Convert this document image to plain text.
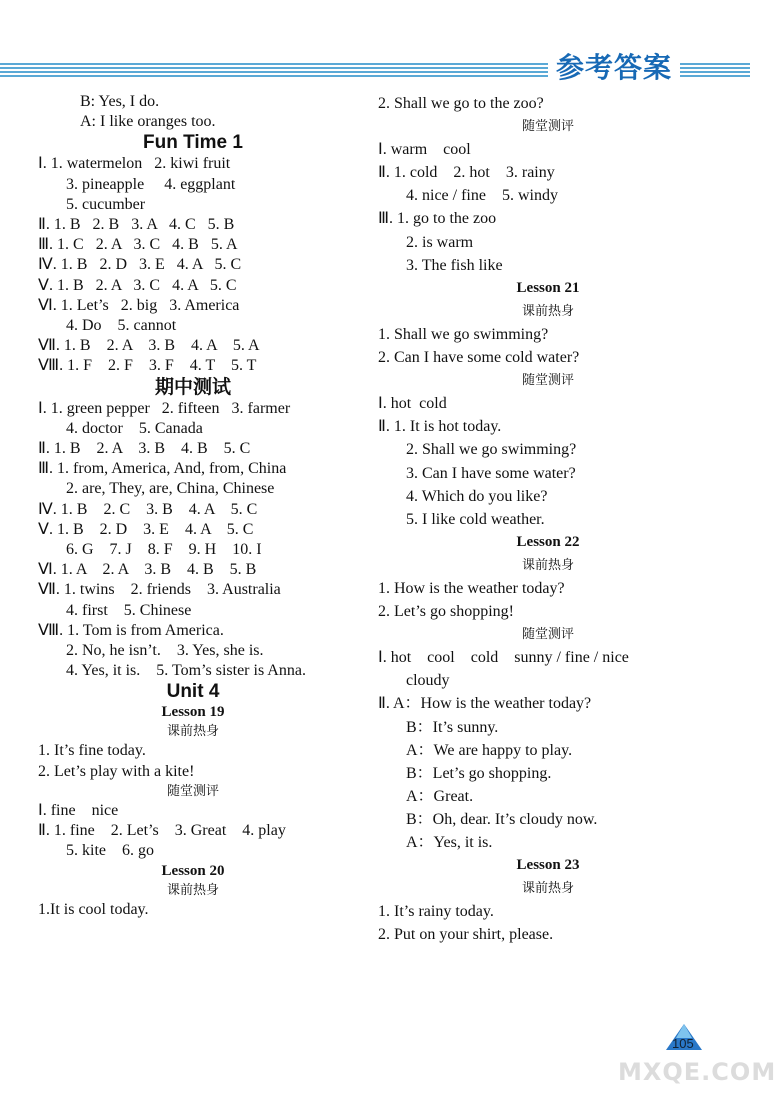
参考答案
B: Yes, I do.
A: I like oranges too.
Fun Time 1
Ⅰ. 1. watermelon   2. kiwi fruit
3. pineapple     4. eggplant
5. cucumber
Ⅱ. 1. B   2. B   3. A   4. C   5. B
Ⅲ. 1. C   2. A   3. C   4. B   5. A
Ⅳ. 1. B   2. D   3. E   4. A   5. C
Ⅴ. 1. B   2. A   3. C   4. A   5. C
Ⅵ. 1. Let’s   2. big   3. America
4. Do    5. cannot
Ⅶ. 1. B    2. A    3. B    4. A    5. A
Ⅷ. 1. F    2. F    3. F    4. T    5. T
期中测试
Ⅰ. 1. green pepper   2. fifteen   3. farmer
4. doctor    5. Canada
Ⅱ. 1. B    2. A    3. B    4. B    5. C
Ⅲ. 1. from, America, And, from, China
2. are, They, are, China, Chinese
Ⅳ. 1. B    2. C    3. B    4. A    5. C
Ⅴ. 1. B    2. D    3. E    4. A    5. C
6. G    7. J    8. F    9. H    10. I
Ⅵ. 1. A    2. A    3. B    4. B    5. B
Ⅶ. 1. twins    2. friends    3. Australia
4. first    5. Chinese
Ⅷ. 1. Tom is from America.
2. No, he isn’t.    3. Yes, she is.
4. Yes, it is.    5. Tom’s sister is Anna.
Unit 4
Lesson 19
课前热身
1. It’s fine today.
2. Let’s play with a kite!
随堂测评
Ⅰ. fine    nice
Ⅱ. 1. fine    2. Let’s    3. Great    4. play
5. kite    6. go
Lesson 20
课前热身
1.It is cool today.
2. Shall we go to the zoo?
随堂测评
Ⅰ. warm    cool
Ⅱ. 1. cold    2. hot    3. rainy
4. nice / fine    5. windy
Ⅲ. 1. go to the zoo
2. is warm
3. The fish like
Lesson 21
课前热身
1. Shall we go swimming?
2. Can I have some cold water?
随堂测评
Ⅰ. hot  cold
Ⅱ. 1. It is hot today.
2. Shall we go swimming?
3. Can I have some water?
4. Which do you like?
5. I like cold weather.
Lesson 22
课前热身
1. How is the weather today?
2. Let’s go shopping!
随堂测评
Ⅰ. hot    cool    cold    sunny / fine / nice
cloudy
Ⅱ. A：How is the weather today?
B：It’s sunny.
A：We are happy to play.
B：Let’s go shopping.
A：Great.
B：Oh, dear. It’s cloudy now.
A：Yes, it is.
Lesson 23
课前热身
1. It’s rainy today.
2. Put on your shirt, please.
105
MXQE.COM
